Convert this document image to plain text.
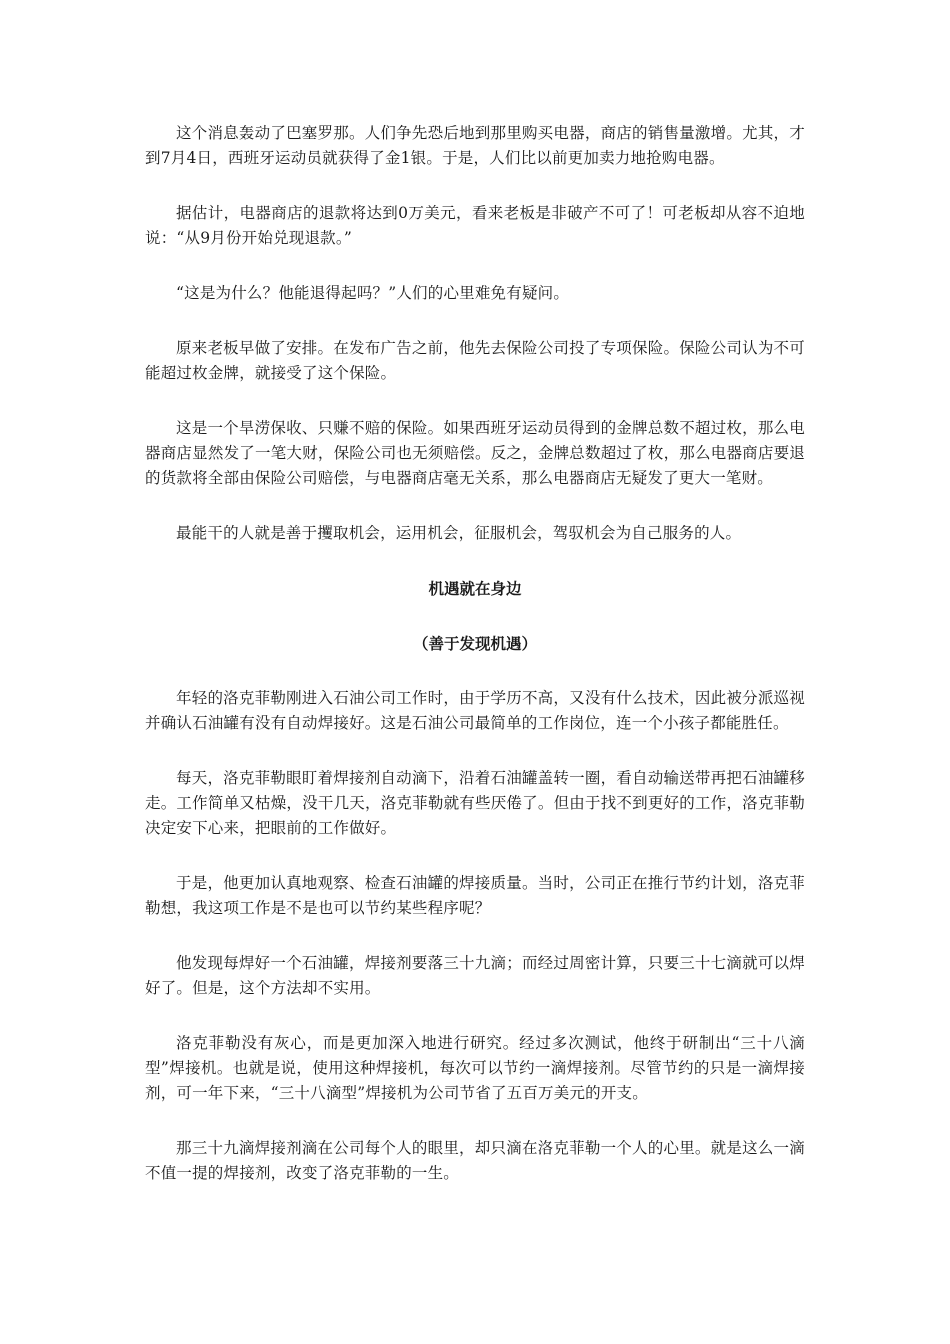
这个消息轰动了巴塞罗那。人们争先恐后地到那里购买电器，商店的销售量激增。尤其，才到7月4日，西班牙运动员就获得了金1银。于是，人们比以前更加卖力地抢购电器。

据估计，电器商店的退款将达到0万美元，看来老板是非破产不可了！可老板却从容不迫地说：“从9月份开始兑现退款。”

“这是为什么？他能退得起吗？”人们的心里难免有疑问。

原来老板早做了安排。在发布广告之前，他先去保险公司投了专项保险。保险公司认为不可能超过枚金牌，就接受了这个保险。

这是一个旱涝保收、只赚不赔的保险。如果西班牙运动员得到的金牌总数不超过枚，那么电器商店显然发了一笔大财，保险公司也无须赔偿。反之，金牌总数超过了枚，那么电器商店要退的货款将全部由保险公司赔偿，与电器商店毫无关系，那么电器商店无疑发了更大一笔财。

最能干的人就是善于攫取机会，运用机会，征服机会，驾驭机会为自己服务的人。

机遇就在身边
（善于发现机遇）

年轻的洛克菲勒刚进入石油公司工作时，由于学历不高，又没有什么技术，因此被分派巡视并确认石油罐有没有自动焊接好。这是石油公司最简单的工作岗位，连一个小孩子都能胜任。

每天，洛克菲勒眼盯着焊接剂自动滴下，沿着石油罐盖转一圈，看自动输送带再把石油罐移走。工作简单又枯燥，没干几天，洛克菲勒就有些厌倦了。但由于找不到更好的工作，洛克菲勒决定安下心来，把眼前的工作做好。

于是，他更加认真地观察、检查石油罐的焊接质量。当时，公司正在推行节约计划，洛克菲勒想，我这项工作是不是也可以节约某些程序呢？

他发现每焊好一个石油罐，焊接剂要落三十九滴；而经过周密计算，只要三十七滴就可以焊好了。但是，这个方法却不实用。

洛克菲勒没有灰心，而是更加深入地进行研究。经过多次测试，他终于研制出“三十八滴型”焊接机。也就是说，使用这种焊接机，每次可以节约一滴焊接剂。尽管节约的只是一滴焊接剂，可一年下来，“三十八滴型”焊接机为公司节省了五百万美元的开支。

那三十九滴焊接剂滴在公司每个人的眼里，却只滴在洛克菲勒一个人的心里。就是这么一滴不值一提的焊接剂，改变了洛克菲勒的一生。
